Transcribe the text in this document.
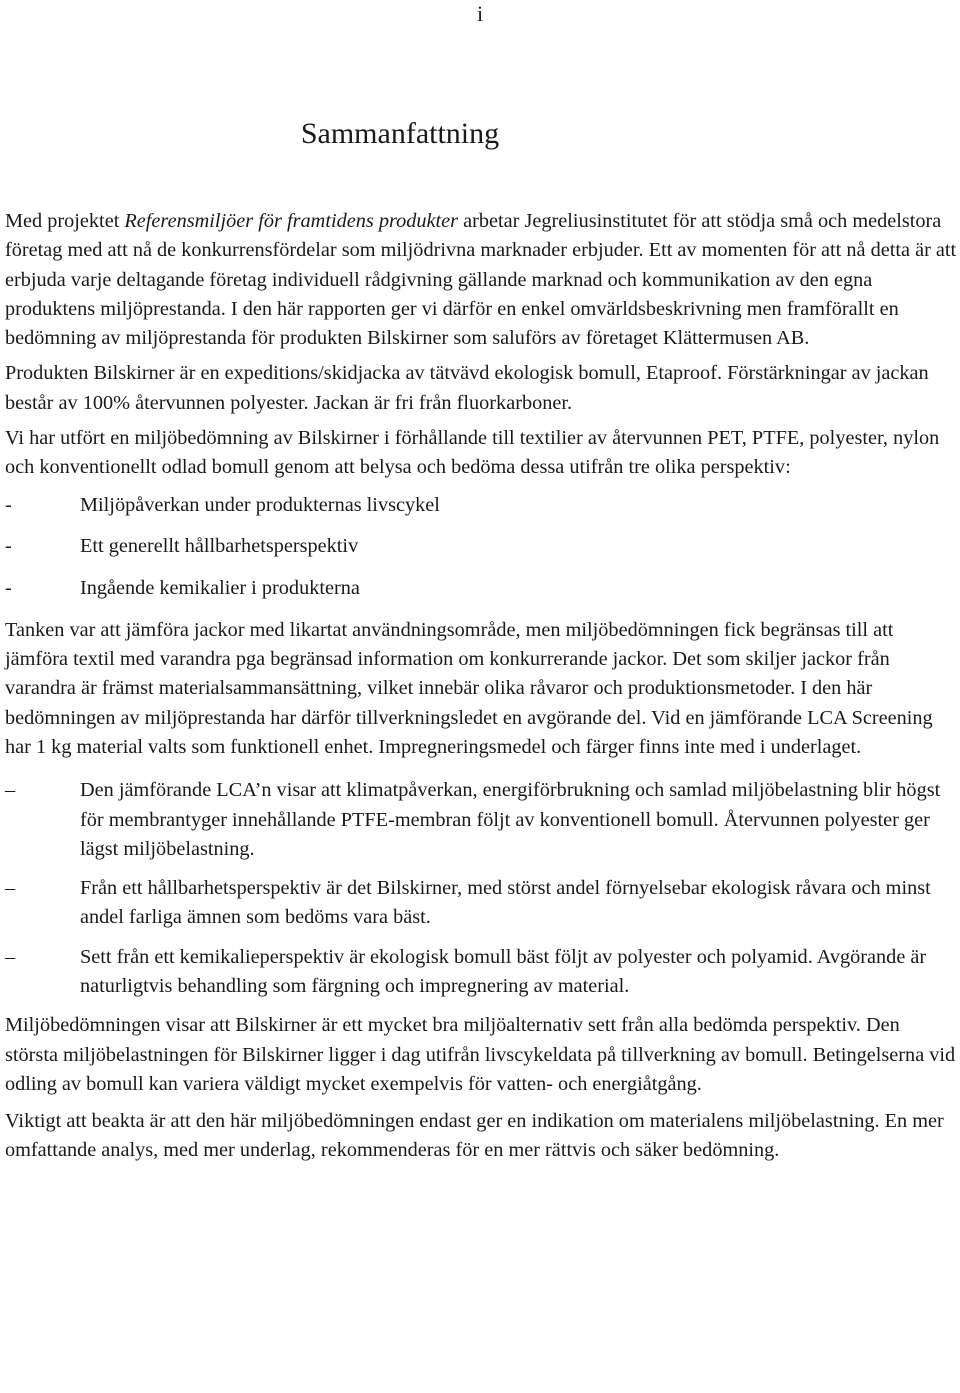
i
Sammanfattning

Med projektet Referensmiljöer för framtidens produkter arbetar Jegreliusinstitutet för att stödja små och medelstora företag med att nå de konkurrensfördelar som miljödrivna marknader erbjuder. Ett av momenten för att nå detta är att erbjuda varje deltagande företag individuell rådgivning gällande marknad och kommunikation av den egna produktens miljöprestanda. I den här rapporten ger vi därför en enkel omvärldsbeskrivning men framförallt en bedömning av miljöprestanda för produkten Bilskirner som saluförs av företaget Klättermusen AB.

Produkten Bilskirner är en expeditions/skidjacka av tätvävd ekologisk bomull, Etaproof. Förstärkningar av jackan består av 100% återvunnen polyester. Jackan är fri från fluorkarboner.

Vi har utfört en miljöbedömning av Bilskirner i förhållande till textilier av återvunnen PET, PTFE, polyester, nylon och konventionellt odlad bomull genom att belysa och bedöma dessa utifrån tre olika perspektiv:

-	Miljöpåverkan under produkternas livscykel
-	Ett generellt hållbarhetsperspektiv
-	Ingående kemikalier i produkterna

Tanken var att jämföra jackor med likartat användningsområde, men miljöbedömningen fick begränsas till att jämföra textil med varandra pga begränsad information om konkurrerande jackor. Det som skiljer jackor från varandra är främst materialsammansättning, vilket innebär olika råvaror och produktionsmetoder. I den här bedömningen av miljöprestanda har därför tillverkningsledet en avgörande del. Vid en jämförande LCA Screening har 1 kg material valts som funktionell enhet. Impregneringsmedel och färger finns inte med i underlaget.

–	Den jämförande LCA’n visar att klimatpåverkan, energiförbrukning och samlad miljöbelastning blir högst för membrantyger innehållande PTFE-membran följt av konventionell bomull. Återvunnen polyester ger lägst miljöbelastning.
–	Från ett hållbarhetsperspektiv är det Bilskirner, med störst andel förnyelsebar ekologisk råvara och minst andel farliga ämnen som bedöms vara bäst.
–	Sett från ett kemikalieperspektiv är ekologisk bomull bäst följt av polyester och polyamid. Avgörande är naturligtvis behandling som färgning och impregnering av material.

Miljöbedömningen visar att Bilskirner är ett mycket bra miljöalternativ sett från alla bedömda perspektiv. Den största miljöbelastningen för Bilskirner ligger i dag utifrån livscykeldata på tillverkning av bomull. Betingelserna vid odling av bomull kan variera väldigt mycket exempelvis för vatten- och energiåtgång.

Viktigt att beakta är att den här miljöbedömningen endast ger en indikation om materialens miljöbelastning. En mer omfattande analys, med mer underlag, rekommenderas för en mer rättvis och säker bedömning.
